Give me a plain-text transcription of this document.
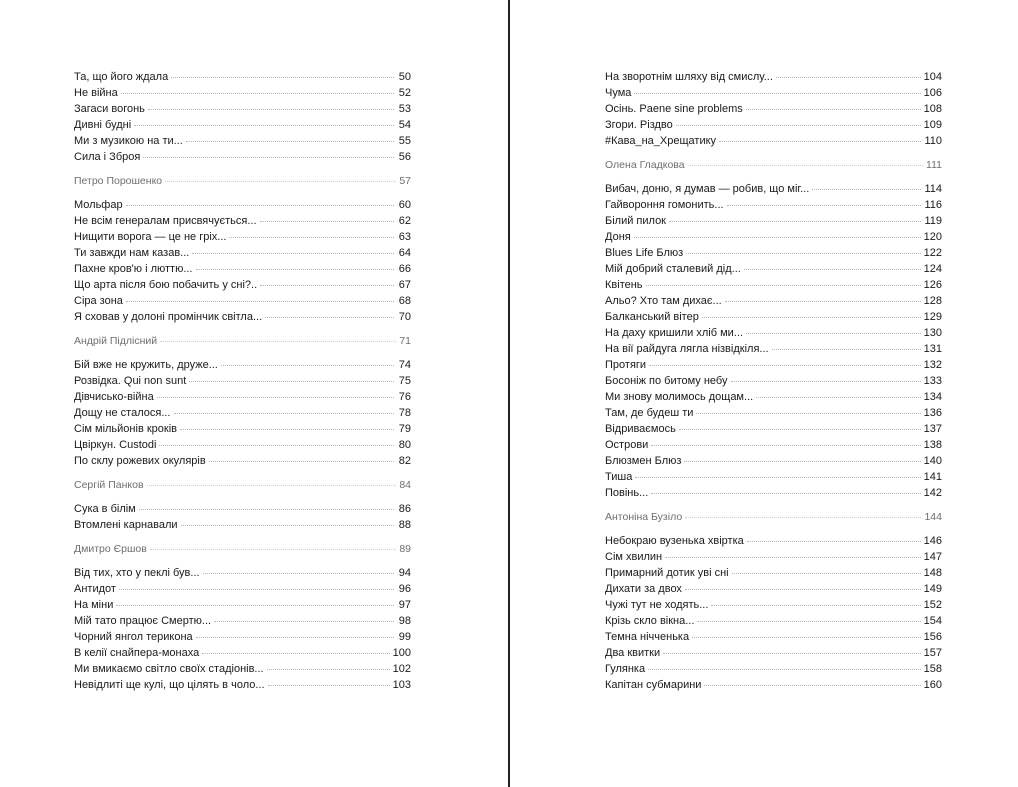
Та, що його ждала	50
Не війна	52
Загаси вогонь	53
Дивні будні	54
Ми з музикою на ти...	55
Сила і Зброя	56
Петро Порошенко	57
Мольфар	60
Не всім генералам присвячується...	62
Нищити ворога — це не гріх...	63
Ти завжди нам казав...	64
Пахне кров'ю і люттю...	66
Що арта після бою побачить у сні?..	67
Сіра зона	68
Я сховав у долоні промінчик світла...	70
Андрій Підлісний	71
Бій вже не кружить, друже...	74
Розвідка. Qui non sunt	75
Дівчисько-війна	76
Дощу не сталося...	78
Сім мільйонів кроків	79
Цвіркун. Custodi	80
По склу рожевих окулярів	82
Сергій Панков	84
Сука в білім	86
Втомлені карнавали	88
Дмитро Єршов	89
Від тих, хто у пеклі був...	94
Антидот	96
На міни	97
Мій тато працює Смертю...	98
Чорний янгол терикона	99
В келії снайпера-монаха	100
Ми вмикаємо світло своїх стадіонів...	102
Невідлиті ще кулі, що цілять в чоло...	103
На зворотнім шляху від смислу...	104
Чума	106
Осінь. Paene sine problems	108
Згори. Різдво	109
#Кава_на_Хрещатику	110
Олена Гладкова	111
Вибач, доню, я думав — робив, що міг...	114
Гайвороння гомонить...	116
Білий пилок	119
Доня	120
Blues Life Блюз	122
Мій добрий сталевий дід...	124
Квітень	126
Альо? Хто там дихає...	128
Балканський вітер	129
На даху кришили хліб ми...	130
На вії райдуга лягла нізвідкіля...	131
Протяги	132
Босоніж по битому небу	133
Ми знову молимось дощам...	134
Там, де будеш ти	136
Відриваємось	137
Острови	138
Блюзмен Блюз	140
Тиша	141
Повінь...	142
Антоніна Бузіло	144
Небокраю вузенька хвіртка	146
Сім хвилин	147
Примарний дотик уві сні	148
Дихати за двох	149
Чужі тут не ходять...	152
Крізь скло вікна...	154
Темна нічченька	156
Два квитки	157
Гулянка	158
Капітан субмарини	160
